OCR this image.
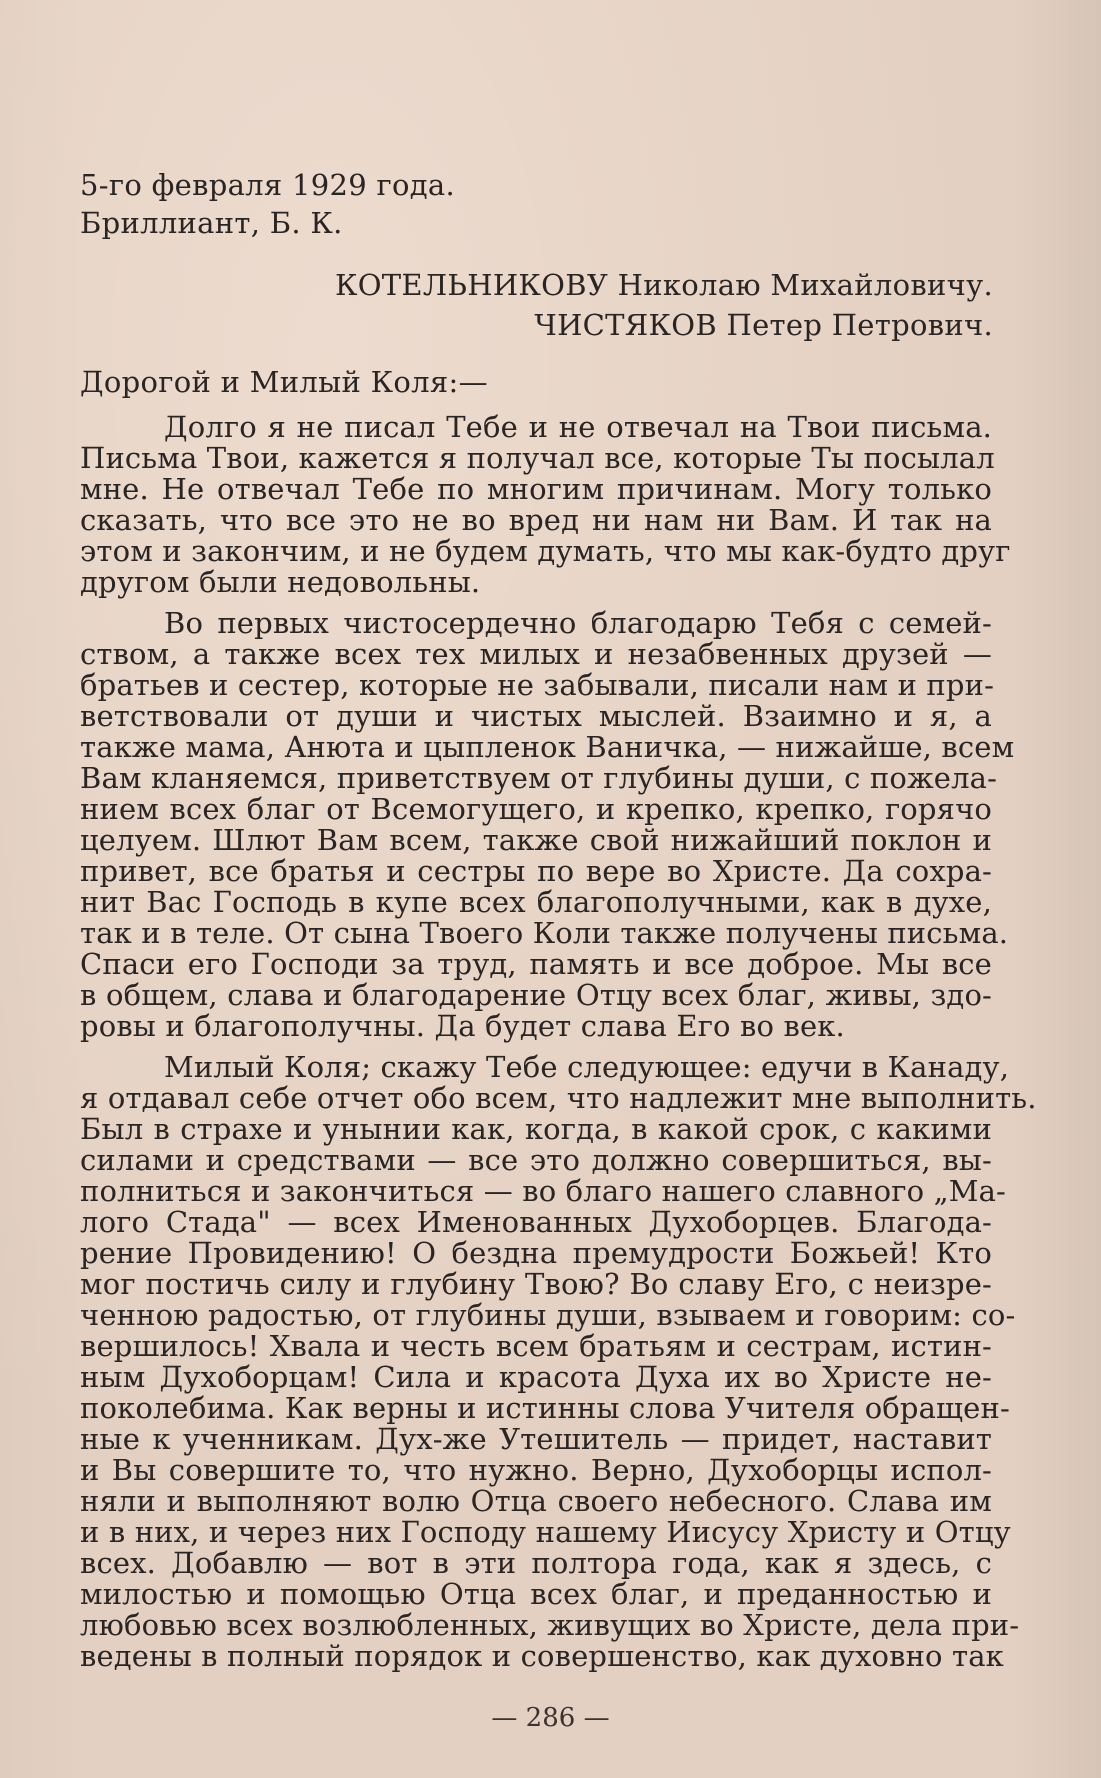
5-го февраля 1929 года.
Бриллиант, Б. К.
КОТЕЛЬНИКОВУ Николаю Михайловичу.
ЧИСТЯКОВ Петер Петрович.
Дорогой и Милый Коля:—
Долго я не писал Тебе и не отвечал на Твои письма.
Письма Твои, кажется я получал все, которые Ты посылал
мне. Не отвечал Тебе по многим причинам. Могу только
сказать, что все это не во вред ни нам ни Вам. И так на
этом и закончим, и не будем думать, что мы как-будто друг
другом были недовольны.
Во первых чистосердечно благодарю Тебя с семей-
ством, а также всех тех милых и незабвенных друзей —
братьев и сестер, которые не забывали, писали нам и при-
ветствовали от души и чистых мыслей. Взаимно и я, а
также мама, Анюта и цыпленок Ваничка, — нижайше, всем
Вам кланяемся, приветствуем от глубины души, с пожела-
нием всех благ от Всемогущего, и крепко, крепко, горячо
целуем. Шлют Вам всем, также свой нижайший поклон и
привет, все братья и сестры по вере во Христе. Да сохра-
нит Вас Господь в купе всех благополучными, как в духе,
так и в теле. От сына Твоего Коли также получены письма.
Спаси его Господи за труд, память и все доброе. Мы все
в общем, слава и благодарение Отцу всех благ, живы, здо-
ровы и благополучны. Да будет слава Его во век.
Милый Коля; скажу Тебе следующее: едучи в Канаду,
я отдавал себе отчет обо всем, что надлежит мне выполнить.
Был в страхе и унынии как, когда, в какой срок, с какими
силами и средствами — все это должно совершиться, вы-
полниться и закончиться — во благо нашего славного „Ма-
лого Стада" — всех Именованных Духоборцев. Благода-
рение Провидению! О бездна премудрости Божьей! Кто
мог постичь силу и глубину Твою? Во славу Его, с неизре-
ченною радостью, от глубины души, взываем и говорим: со-
вершилось! Хвала и честь всем братьям и сестрам, истин-
ным Духоборцам! Сила и красота Духа их во Христе не-
поколебима. Как верны и истинны слова Учителя обращен-
ные к ученникам. Дух-же Утешитель — придет, наставит
и Вы совершите то, что нужно. Верно, Духоборцы испол-
няли и выполняют волю Отца своего небесного. Слава им
и в них, и через них Господу нашему Иисусу Христу и Отцу
всех. Добавлю — вот в эти полтора года, как я здесь, с
милостью и помощью Отца всех благ, и преданностью и
любовью всех возлюбленных, живущих во Христе, дела при-
ведены в полный порядок и совершенство, как духовно так
— 286 —
